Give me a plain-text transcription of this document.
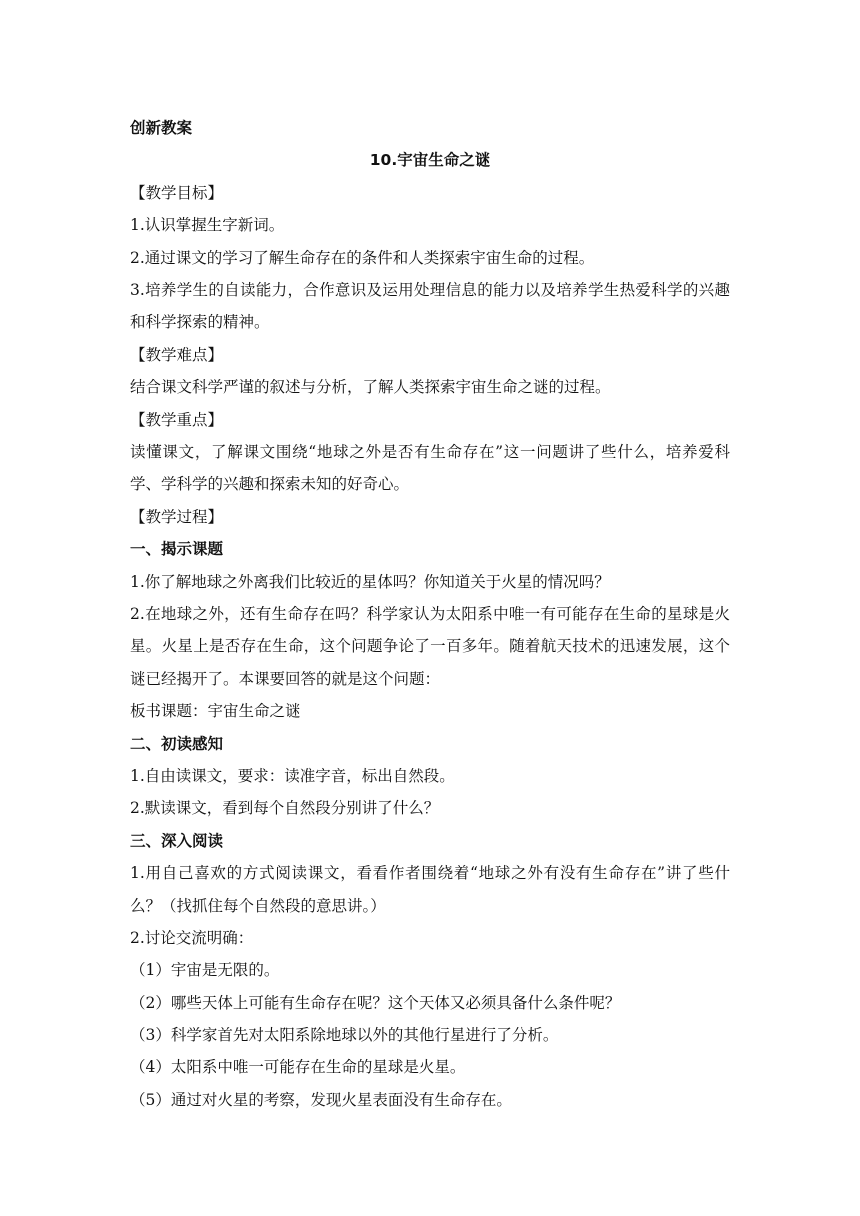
创新教案
10.宇宙生命之谜
【教学目标】
1.认识掌握生字新词。
2.通过课文的学习了解生命存在的条件和人类探索宇宙生命的过程。
3.培养学生的自读能力，合作意识及运用处理信息的能力以及培养学生热爱科学的兴趣和科学探索的精神。
【教学难点】
结合课文科学严谨的叙述与分析，了解人类探索宇宙生命之谜的过程。
【教学重点】
读懂课文，了解课文围绕“地球之外是否有生命存在”这一问题讲了些什么，培养爱科学、学科学的兴趣和探索未知的好奇心。
【教学过程】
一、揭示课题
1.你了解地球之外离我们比较近的星体吗？你知道关于火星的情况吗？
2.在地球之外，还有生命存在吗？科学家认为太阳系中唯一有可能存在生命的星球是火星。火星上是否存在生命，这个问题争论了一百多年。随着航天技术的迅速发展，这个谜已经揭开了。本课要回答的就是这个问题：
板书课题：宇宙生命之谜
二、初读感知
1.自由读课文，要求：读准字音，标出自然段。
2.默读课文，看到每个自然段分别讲了什么？
三、深入阅读
1.用自己喜欢的方式阅读课文，看看作者围绕着“地球之外有没有生命存在”讲了些什么？（找抓住每个自然段的意思讲。）
2.讨论交流明确：
（1）宇宙是无限的。
（2）哪些天体上可能有生命存在呢？这个天体又必须具备什么条件呢？
（3）科学家首先对太阳系除地球以外的其他行星进行了分析。
（4）太阳系中唯一可能存在生命的星球是火星。
（5）通过对火星的考察，发现火星表面没有生命存在。
